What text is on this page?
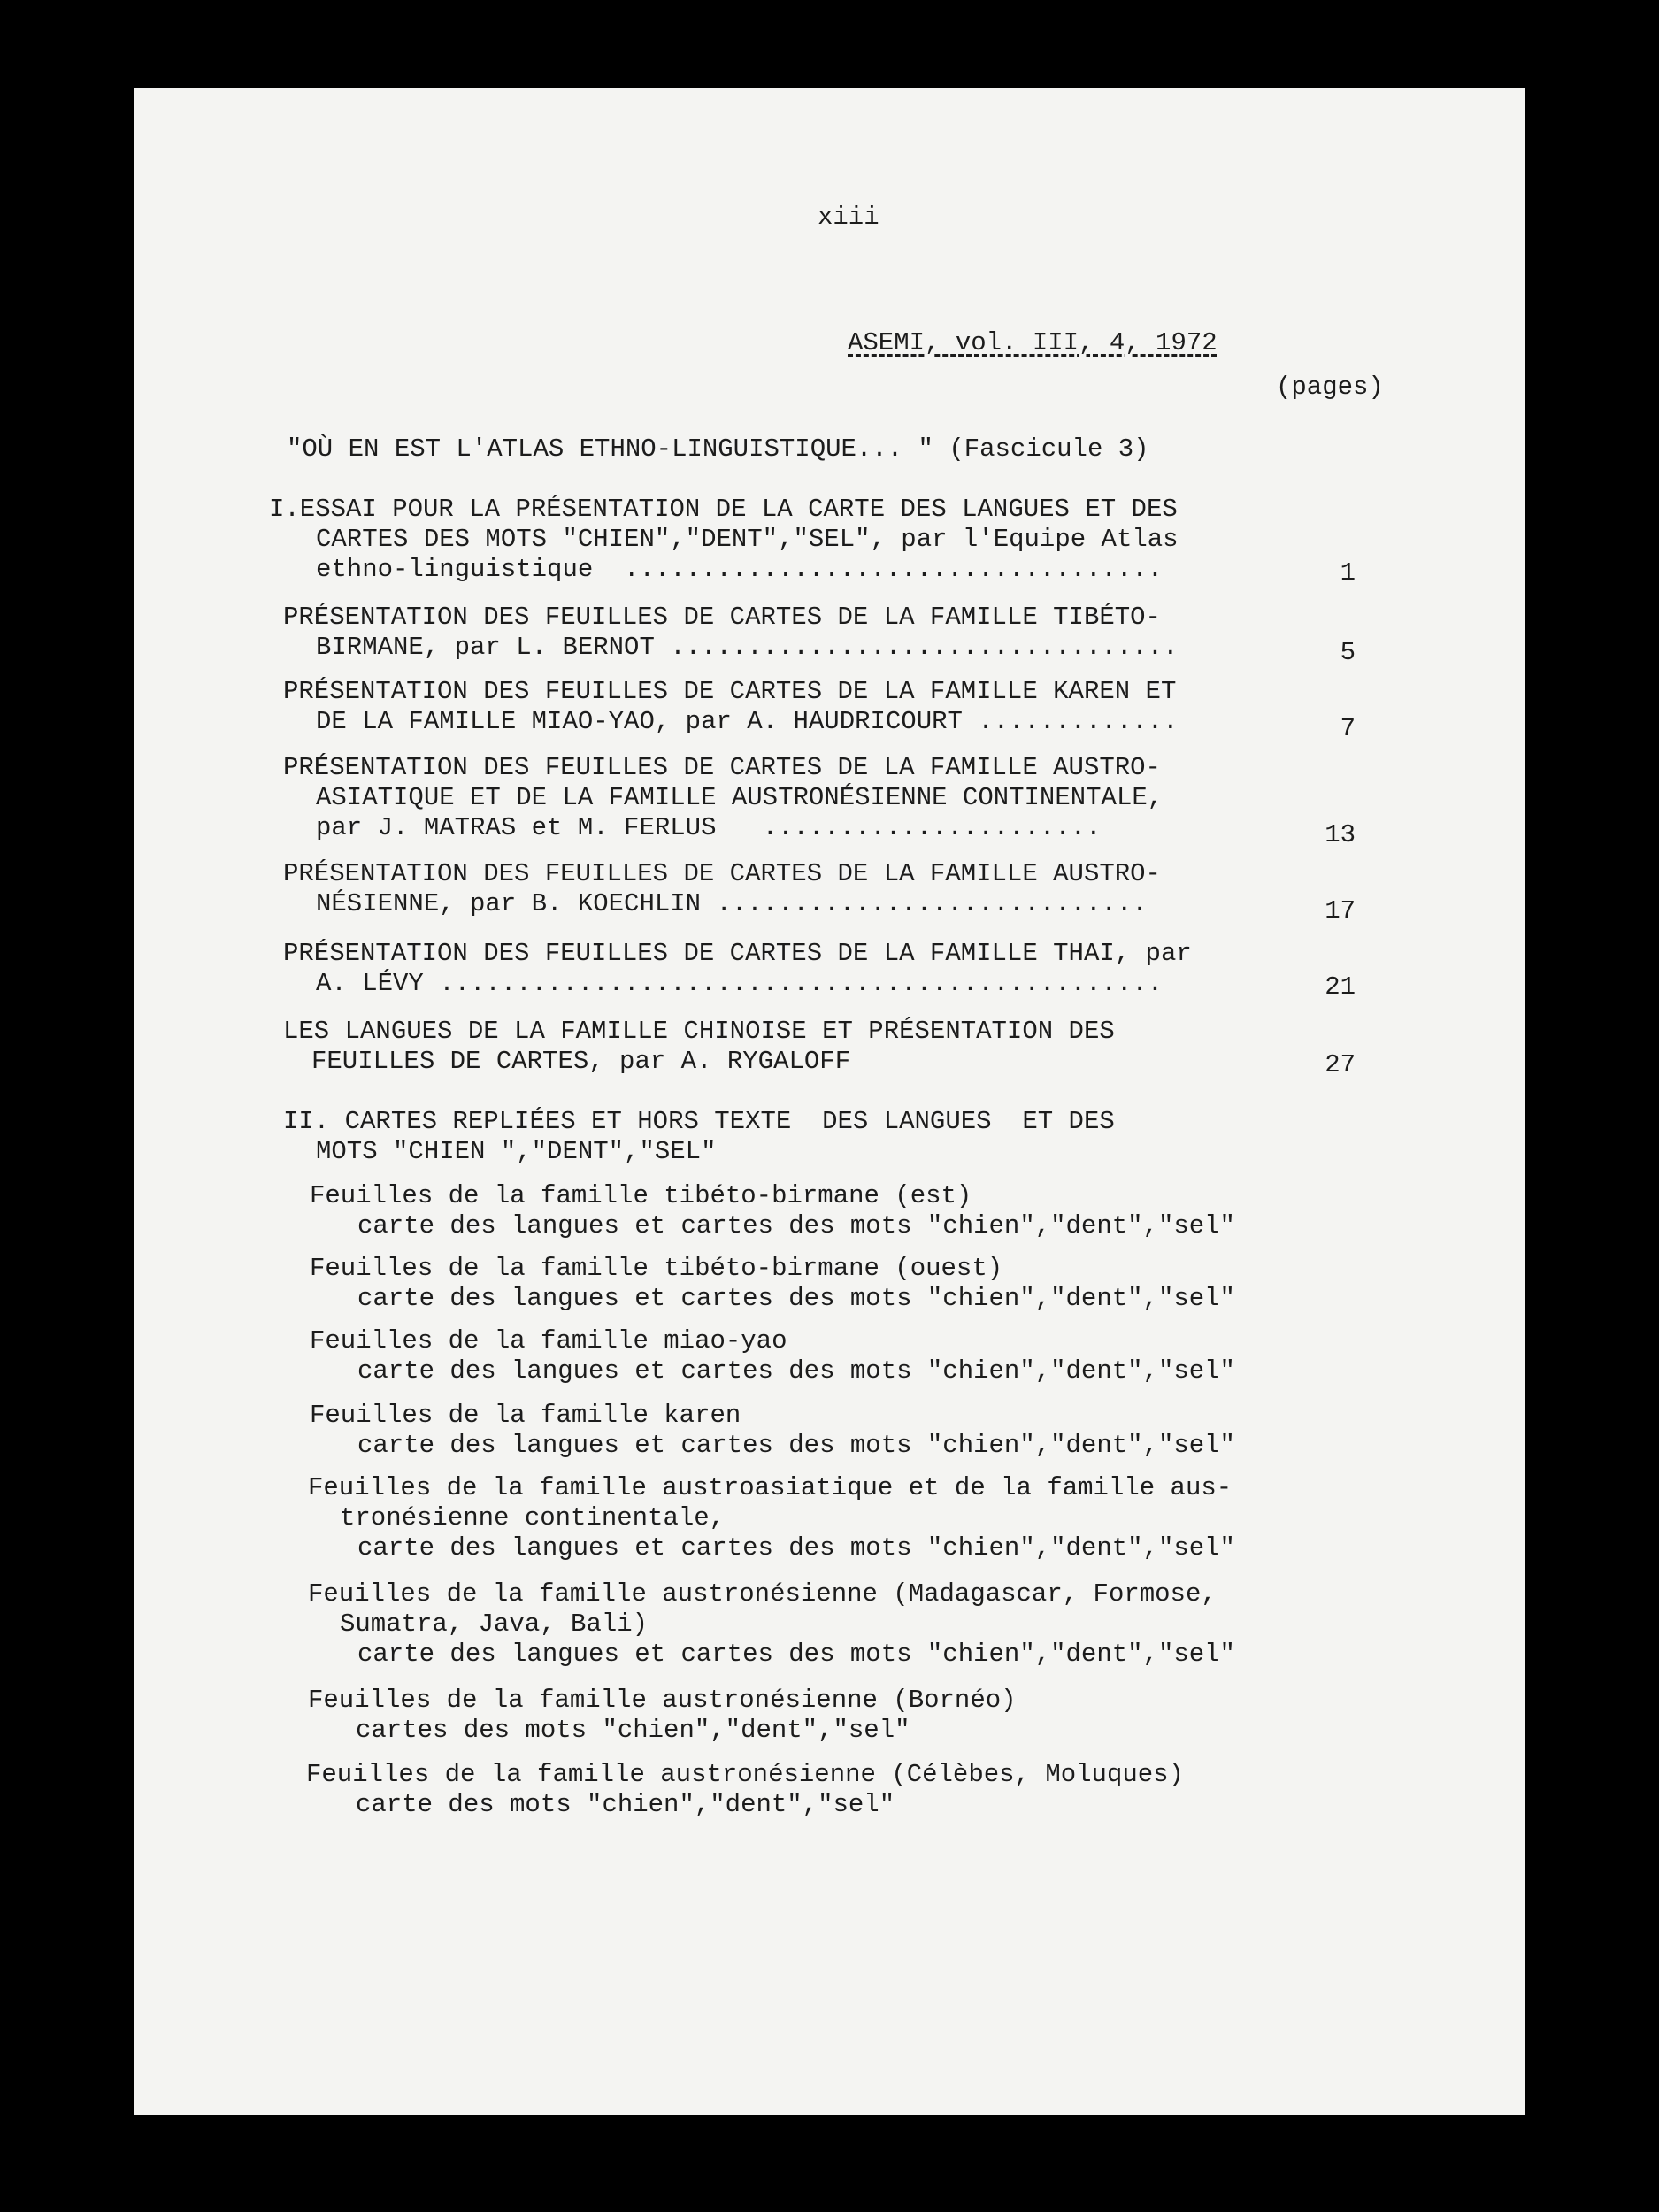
xiii
ASEMI, vol. III, 4, 1972
(pages)
"OÙ EN EST L'ATLAS ETHNO-LINGUISTIQUE... " (Fascicule 3)
I.ESSAI POUR LA PRÉSENTATION DE LA CARTE DES LANGUES ET DES
CARTES DES MOTS "CHIEN","DENT","SEL", par l'Equipe Atlas
ethno-linguistique  ...................................	1
PRÉSENTATION DES FEUILLES DE CARTES DE LA FAMILLE TIBÉTO-
BIRMANE, par L. BERNOT .................................	5
PRÉSENTATION DES FEUILLES DE CARTES DE LA FAMILLE KAREN ET
DE LA FAMILLE MIAO-YAO, par A. HAUDRICOURT .............	7
PRÉSENTATION DES FEUILLES DE CARTES DE LA FAMILLE AUSTRO-
ASIATIQUE ET DE LA FAMILLE AUSTRONÉSIENNE CONTINENTALE,
par J. MATRAS et M. FERLUS   ......................	13
PRÉSENTATION DES FEUILLES DE CARTES DE LA FAMILLE AUSTRO-
NÉSIENNE, par B. KOECHLIN ............................	17
PRÉSENTATION DES FEUILLES DE CARTES DE LA FAMILLE THAI, par
A. LÉVY ...............................................	21
LES LANGUES DE LA FAMILLE CHINOISE ET PRÉSENTATION DES
FEUILLES DE CARTES, par A. RYGALOFF	27
II. CARTES REPLIÉES ET HORS TEXTE  DES LANGUES  ET DES
MOTS "CHIEN ","DENT","SEL"
Feuilles de la famille tibéto-birmane (est)
carte des langues et cartes des mots "chien","dent","sel"
Feuilles de la famille tibéto-birmane (ouest)
carte des langues et cartes des mots "chien","dent","sel"
Feuilles de la famille miao-yao
carte des langues et cartes des mots "chien","dent","sel"
Feuilles de la famille karen
carte des langues et cartes des mots "chien","dent","sel"
Feuilles de la famille austroasiatique et de la famille aus-
tronésienne continentale,
carte des langues et cartes des mots "chien","dent","sel"
Feuilles de la famille austronésienne (Madagascar, Formose,
Sumatra, Java, Bali)
carte des langues et cartes des mots "chien","dent","sel"
Feuilles de la famille austronésienne (Bornéo)
cartes des mots "chien","dent","sel"
Feuilles de la famille austronésienne (Célèbes, Moluques)
carte des mots "chien","dent","sel"
